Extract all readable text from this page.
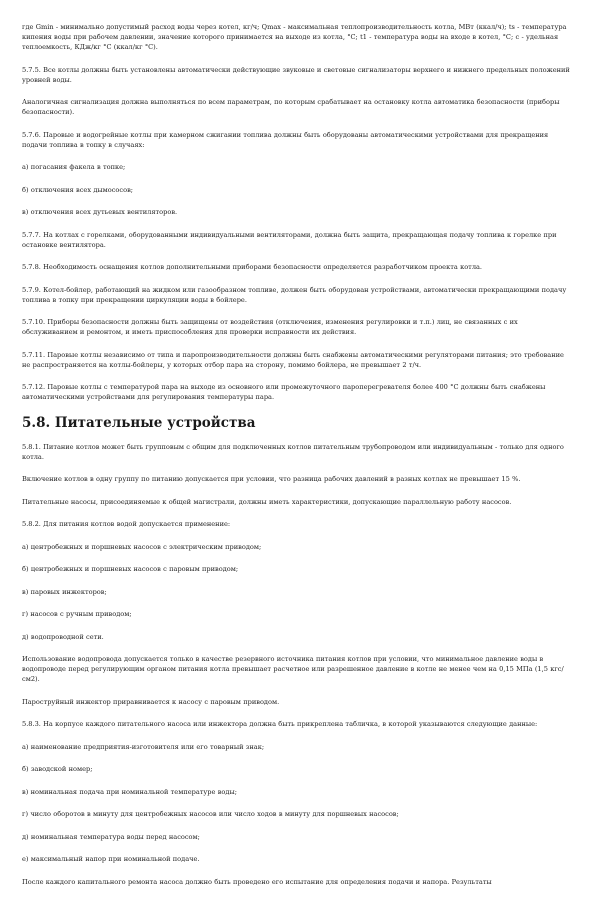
где Gmin - минимально допустимый расход воды через котел, кг/ч; Qmax - максимальная теплопроизводительность котла, МВт (ккал/ч); ts - температура кипения воды при рабочем давлении, значение которого принимается на выходе из котла, °С; t1 - температура воды на входе в котел, °С; c - удельная теплоемкость, КДж/кг °С (ккал/кг °С).

5.7.5. Все котлы должны быть установлены автоматически действующие звуковые и световые сигнализаторы верхнего и нижнего предельных положений уровней воды.

Аналогичная сигнализация должна выполняться по всем параметрам, по которым срабатывает на остановку котла автоматика безопасности (приборы безопасности).

5.7.6. Паровые и водогрейные котлы при камерном сжигании топлива должны быть оборудованы автоматическими устройствами для прекращения подачи топлива в топку в случаях:

а) погасания факела в топке;

б) отключения всех дымососов;

в) отключения всех дутьевых вентиляторов.

5.7.7. На котлах с горелками, оборудованными индивидуальными вентиляторами, должна быть защита, прекращающая подачу топлива к горелке при остановке вентилятора.

5.7.8. Необходимость оснащения котлов дополнительными приборами безопасности определяется разработчиком проекта котла.

5.7.9. Котел-бойлер, работающий на жидком или газообразном топливе, должен быть оборудован устройствами, автоматически прекращающими подачу топлива в топку при прекращении циркуляции воды в бойлере.

5.7.10. Приборы безопасности должны быть защищены от воздействия (отключения, изменения регулировки и т.п.) лиц, не связанных с их обслуживанием и ремонтом, и иметь приспособления для проверки исправности их действия.

5.7.11. Паровые котлы независимо от типа и паропроизводительности должны быть снабжены автоматическими регуляторами питания; это требование не распространяется на котлы-бойлеры, у которых отбор пара на сторону, помимо бойлера, не превышает 2 т/ч.

5.7.12. Паровые котлы с температурой пара на выходе из основного или промежуточного пароперегревателя более 400 °С должны быть снабжены автоматическими устройствами для регулирования температуры пара.

5.8. Питательные устройства

5.8.1. Питание котлов может быть групповым с общим для подключенных котлов питательным трубопроводом или индивидуальным - только для одного котла.

Включение котлов в одну группу по питанию допускается при условии, что разница рабочих давлений в разных котлах не превышает 15 %.

Питательные насосы, присоединяемые к общей магистрали, должны иметь характеристики, допускающие параллельную работу насосов.

5.8.2. Для питания котлов водой допускается применение:

а) центробежных и поршневых насосов с электрическим приводом;

б) центробежных и поршневых насосов с паровым приводом;

в) паровых инжекторов;

г) насосов с ручным приводом;

д) водопроводной сети.

Использование водопровода допускается только в качестве резервного источника питания котлов при условии, что минимальное давление воды в водопроводе перед регулирующим органом питания котла превышает расчетное или разрешенное давление в котле не менее чем на 0,15 МПа (1,5 кгс/см2).

Пароструйный инжектор приравнивается к насосу с паровым приводом.

5.8.3. На корпусе каждого питательного насоса или инжектора должна быть прикреплена табличка, в которой указываются следующие данные:

а) наименование предприятия-изготовителя или его товарный знак;

б) заводской номер;

в) номинальная подача при номинальной температуре воды;

г) число оборотов в минуту для центробежных насосов или число ходов в минуту для поршневых насосов;

д) номинальная температура воды перед насосом;

е) максимальный напор при номинальной подаче.

После каждого капитального ремонта насоса должно быть проведено его испытание для определения подачи и напора. Результаты
